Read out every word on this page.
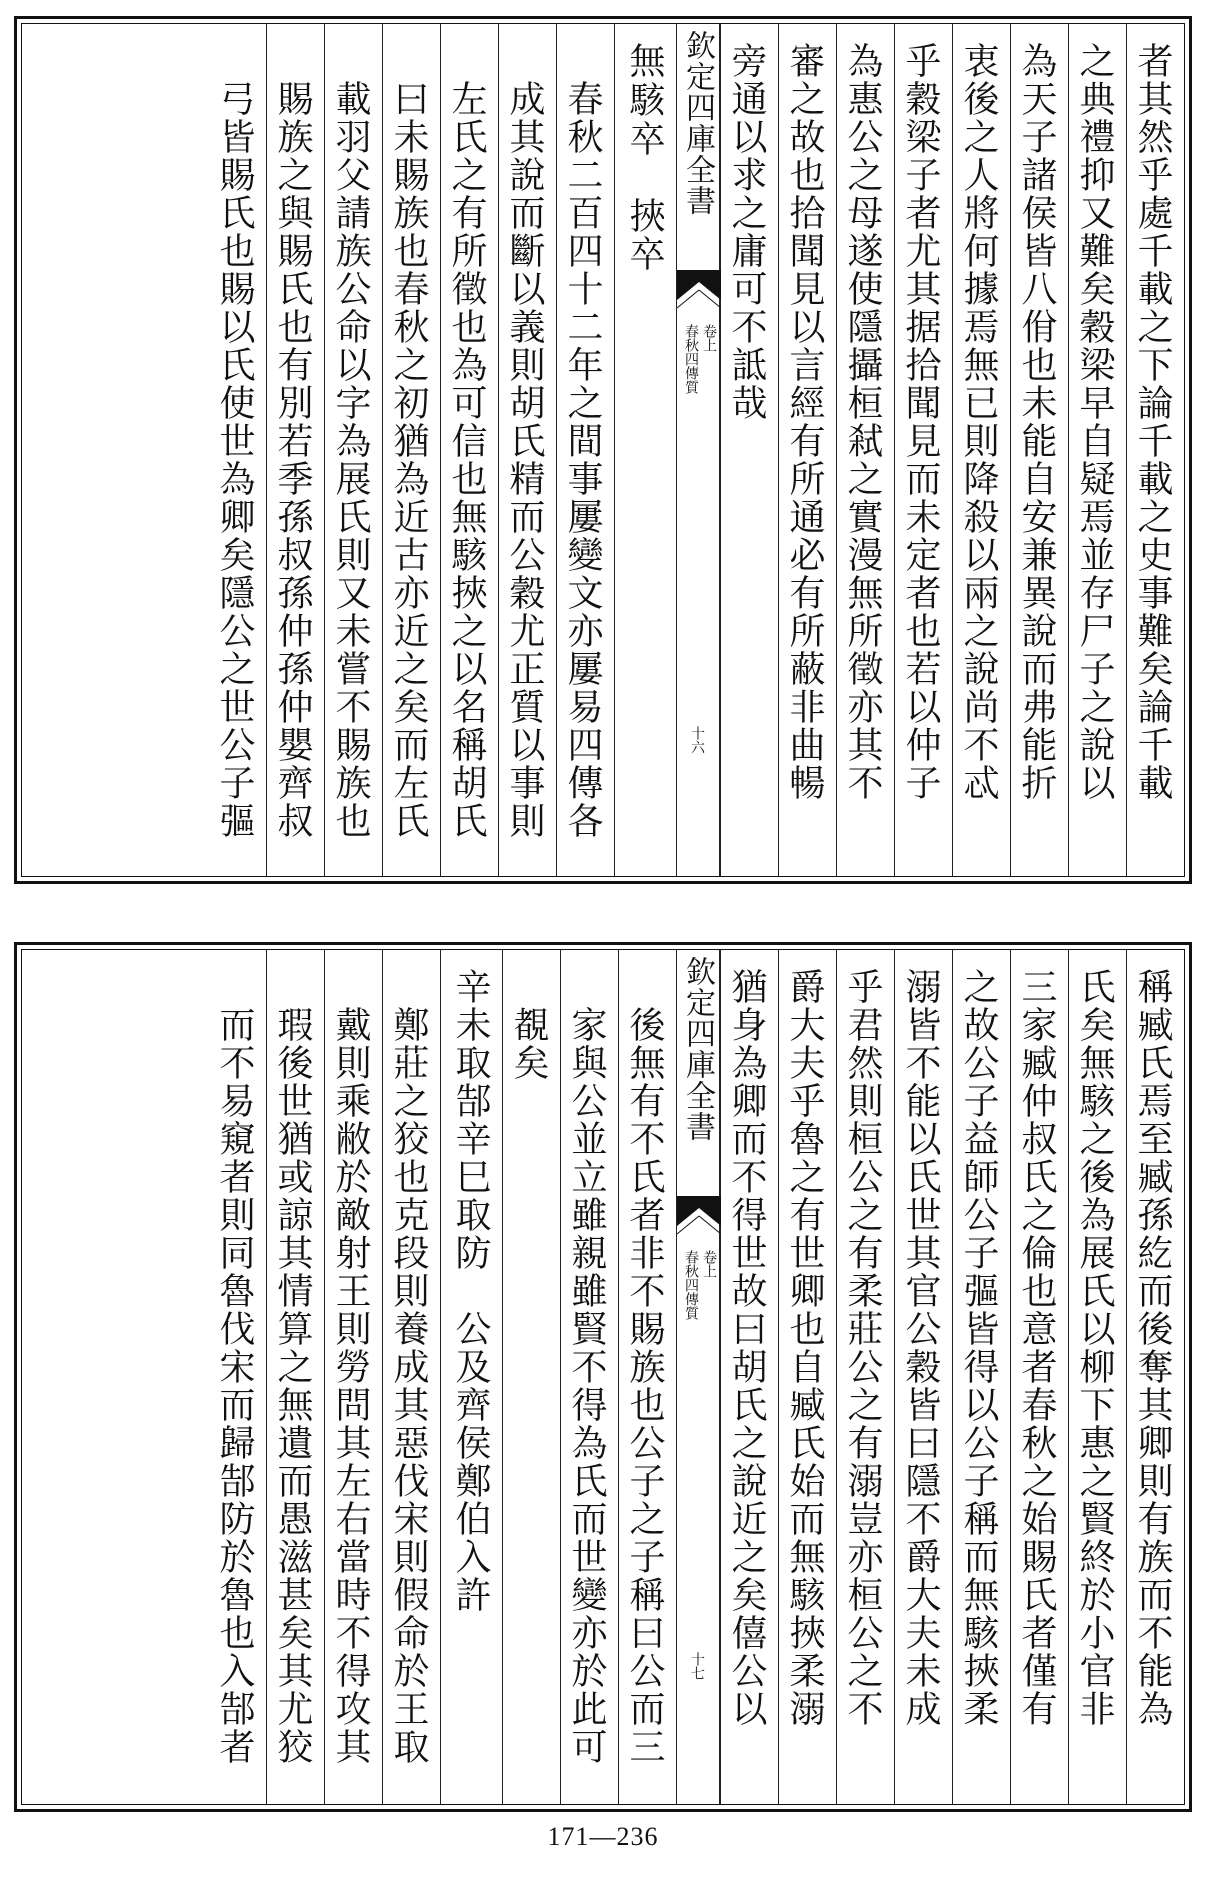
者其然乎處千載之下論千載之史事難矣論千載
之典禮抑又難矣穀梁早自疑焉並存尸子之說以
為天子諸侯皆八佾也未能自安兼異說而弗能折
衷後之人將何據焉無已則降殺以兩之說尚不忒
乎穀梁子者尤其据拾聞見而未定者也若以仲子
為惠公之母遂使隱攝桓弒之實漫無所徵亦其不
審之故也拾聞見以言經有所通必有所蔽非曲暢
旁通以求之庸可不詆哉
欽定四庫全書
春秋四傳質 卷上
十六
無駭卒　挾卒
春秋二百四十二年之間事屢變文亦屢易四傳各
成其說而斷以義則胡氏精而公穀尤正質以事則
左氏之有所徵也為可信也無駭挾之以名稱胡氏
曰未賜族也春秋之初猶為近古亦近之矣而左氏
載羽父請族公命以字為展氏則又未嘗不賜族也
賜族之與賜氏也有別若季孫叔孫仲孫仲嬰齊叔
弓皆賜氏也賜以氏使世為卿矣隱公之世公子彄
稱臧氏焉至臧孫紇而後奪其卿則有族而不能為
氏矣無駭之後為展氏以柳下惠之賢終於小官非
三家臧仲叔氏之倫也意者春秋之始賜氏者僅有
之故公子益師公子彄皆得以公子稱而無駭挾柔
溺皆不能以氏世其官公穀皆曰隱不爵大夫未成
乎君然則桓公之有柔莊公之有溺豈亦桓公之不
爵大夫乎魯之有世卿也自臧氏始而無駭挾柔溺
猶身為卿而不得世故曰胡氏之說近之矣僖公以
欽定四庫全書
春秋四傳質 卷上
十七
後無有不氏者非不賜族也公子之子稱曰公而三
家與公並立雖親雖賢不得為氏而世變亦於此可
覩矣
辛未取郜辛巳取防　公及齊侯鄭伯入許
鄭莊之狡也克段則養成其惡伐宋則假命於王取
戴則乘敝於敵射王則勞問其左右當時不得攻其
瑕後世猶或諒其情算之無遺而愚滋甚矣其尤狡
而不易窺者則同魯伐宋而歸郜防於魯也入郜者
171—236
